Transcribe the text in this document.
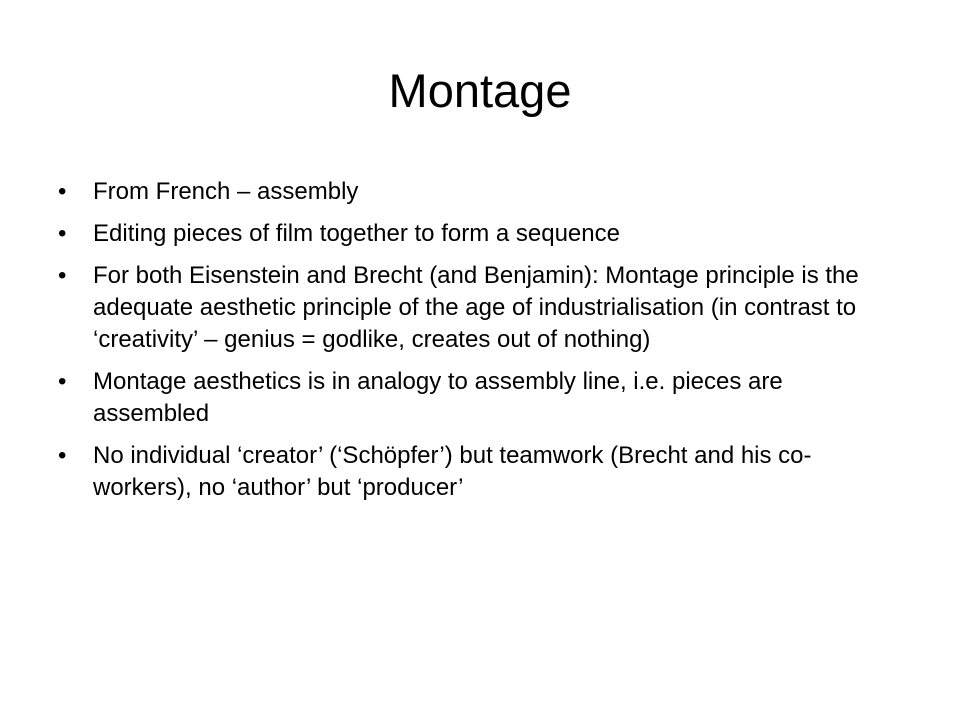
Montage
•	From French – assembly
•	Editing pieces of film together to form a sequence
•	For both Eisenstein and Brecht (and Benjamin): Montage principle is the adequate aesthetic principle of the age of industrialisation (in contrast to ‘creativity’ – genius = godlike, creates out of nothing)
•	Montage aesthetics is in analogy to assembly line, i.e. pieces are assembled
•	No individual ‘creator’ (‘Schöpfer’) but teamwork (Brecht and his co-workers), no ‘author’ but ‘producer’
